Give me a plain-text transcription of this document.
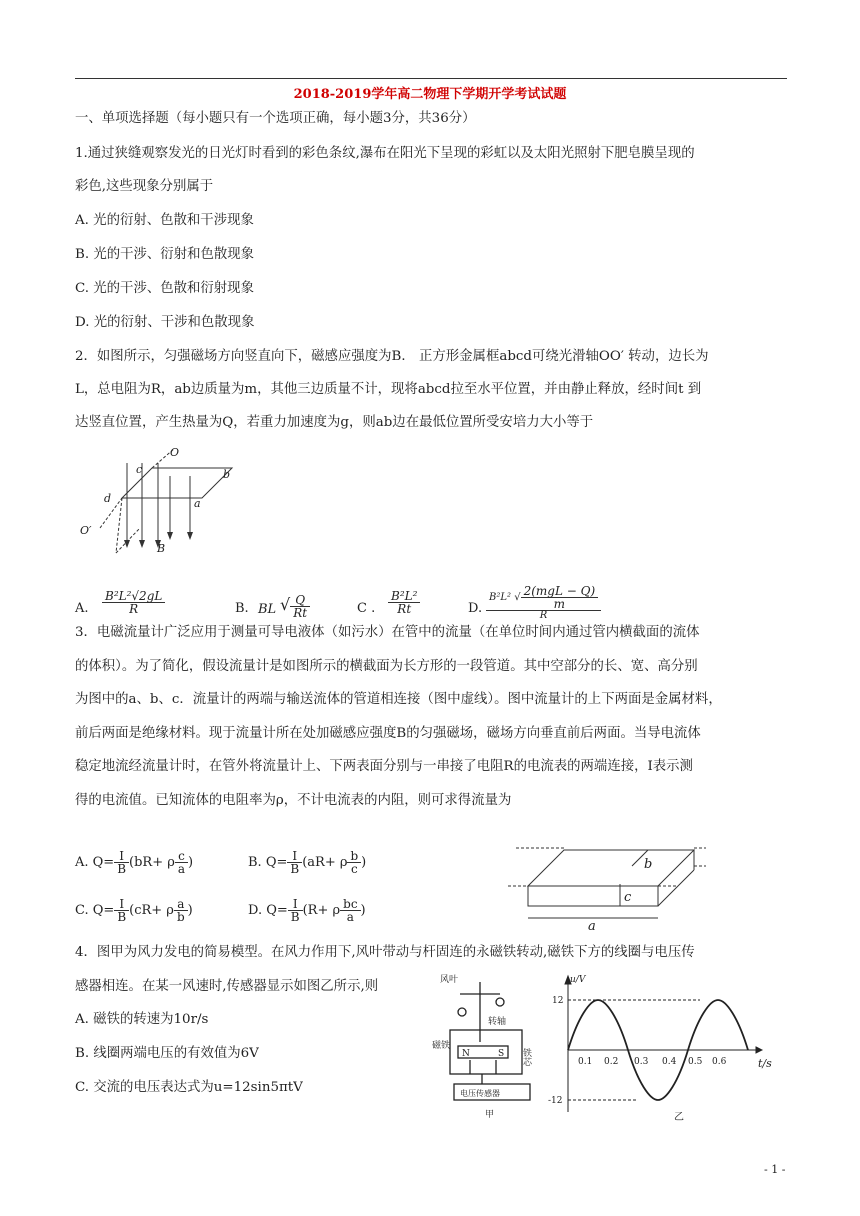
2018-2019学年高二物理下学期开学考试试题
一、单项选择题（每小题只有一个选项正确，每小题3分，共36分）
1.通过狭缝观察发光的日光灯时看到的彩色条纹,瀑布在阳光下呈现的彩虹以及太阳光照射下肥皂膜呈现的
彩色,这些现象分别属于
A. 光的衍射、色散和干涉现象
B. 光的干涉、衍射和色散现象
C. 光的干涉、色散和衍射现象
D. 光的衍射、干涉和色散现象
2．如图所示，匀强磁场方向竖直向下，磁感应强度为B． 正方形金属框abcd可绕光滑轴OO′ 转动，边长为
L，总电阻为R，ab边质量为m，其他三边质量不计，现将abcd拉至水平位置，并由静止释放，经时间t 到
达竖直位置，产生热量为Q，若重力加速度为g，则ab边在最低位置所受安培力大小等于
c
O
b
d	a
O′
B
A. $\frac{\text{B²L²√2gL}}{R}$	B. BL √ $\frac{Q}{Rt}$	C . $\frac{\text{B²L²}}{Rt}$	D. $\frac{B^2L^2 √ \frac{\text{2(mgL − Q)}}{m}}{R}$
3．电磁流量计广泛应用于测量可导电液体（如污水）在管中的流量（在单位时间内通过管内横截面的流体
的体积）。为了简化，假设流量计是如图所示的横截面为长方形的一段管道。其中空部分的长、宽、高分别
为图中的a、b、c．流量计的两端与输送流体的管道相连接（图中虚线）。图中流量计的上下两面是金属材料，
前后两面是绝缘材料。现于流量计所在处加磁感应强度B的匀强磁场，磁场方向垂直前后两面。当导电流体
稳定地流经流量计时，在管外将流量计上、下两表面分别与一串接了电阻R的电流表的两端连接，I表示测
得的电流值。已知流体的电阻率为ρ，不计电流表的内阻，则可求得流量为
A. $Q= \frac{I}{B} (bR+ \rho \frac{c}{a}$ )	B. $Q= \frac{I}{B} (aR+ \rho \frac{b}{c}$ )
C. $Q= \frac{I}{B} (cR+ \rho \frac{a}{b}$ )	D. $Q= \frac{I}{B} (R+ \rho \frac{bc}{a}$ )
b
c
a
4．图甲为风力发电的简易模型。在风力作用下,风叶带动与杆固连的永磁铁转动,磁铁下方的线圈与电压传
感器相连。在某一风速时,传感器显示如图乙所示,则
A. 磁铁的转速为10r/s
B. 线圈两端电压的有效值为6V
C. 交流的电压表达式为u=12sin5πtV
风叶
转轴
磁铁
铁芯
N	S
电压传感器
甲
u/V
12
-12
t/s
0.1 0.2 0.3 0.4 0.5 0.6
乙
- 1 -
